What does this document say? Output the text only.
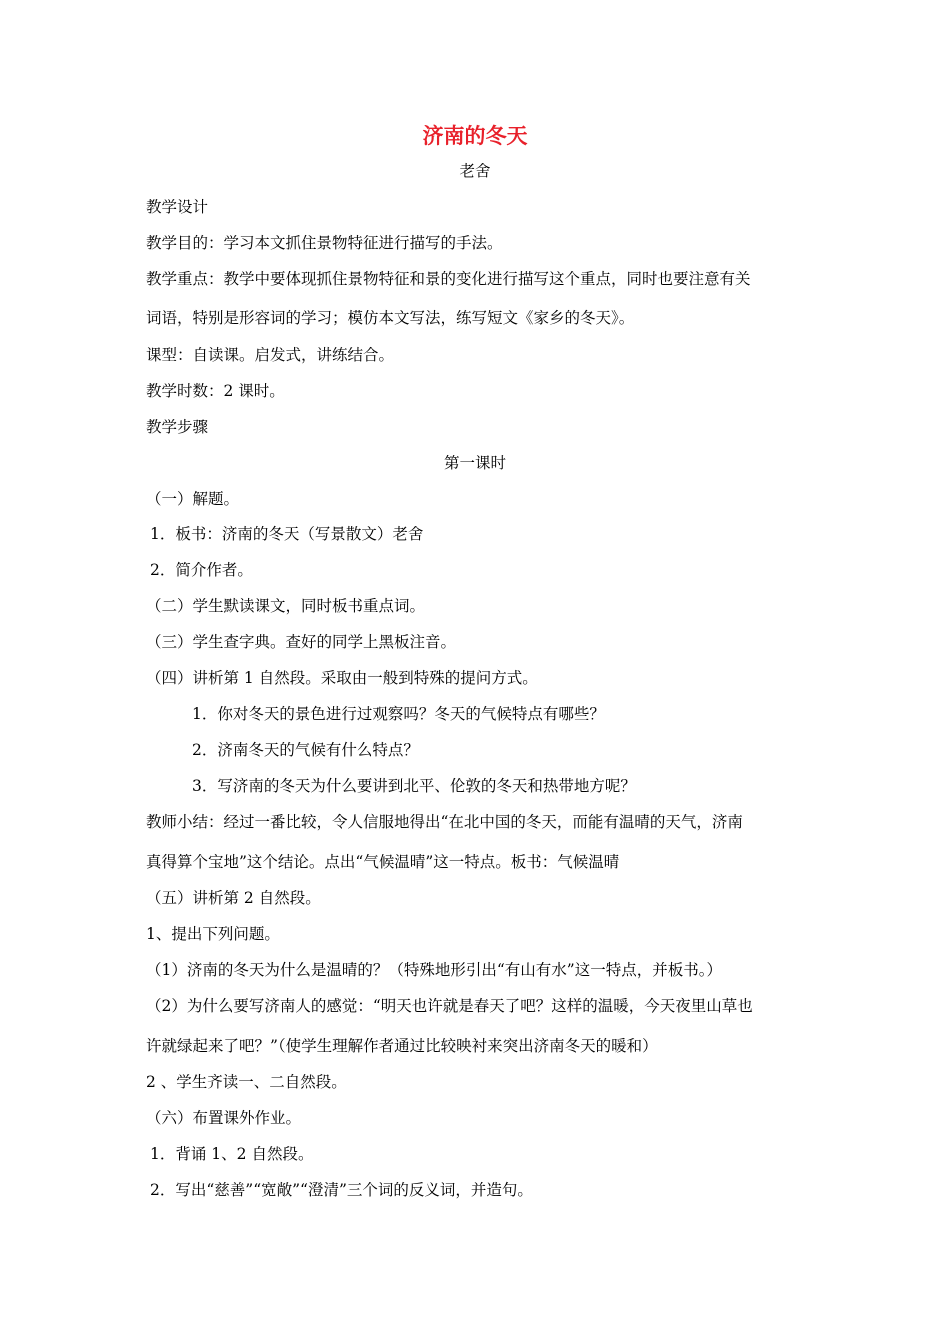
济南的冬天
老舍
教学设计
教学目的：学习本文抓住景物特征进行描写的手法。
教学重点：教学中要体现抓住景物特征和景的变化进行描写这个重点，同时也要注意有关
词语，特别是形容词的学习；模仿本文写法，练写短文《家乡的冬天》。
课型：自读课。启发式，讲练结合。
教学时数：2 课时。
教学步骤
第一课时
（一）解题。
1．板书：济南的冬天（写景散文）老舍
2．简介作者。
（二）学生默读课文，同时板书重点词。
（三）学生查字典。查好的同学上黑板注音。
（四）讲析第 1 自然段。采取由一般到特殊的提问方式。
1．你对冬天的景色进行过观察吗？冬天的气候特点有哪些？
2．济南冬天的气候有什么特点？
3．写济南的冬天为什么要讲到北平、伦敦的冬天和热带地方呢？
教师小结：经过一番比较，令人信服地得出“在北中国的冬天，而能有温晴的天气，济南
真得算个宝地”这个结论。点出“气候温晴”这一特点。板书：气候温晴
（五）讲析第 2 自然段。
1、提出下列问题。
（1）济南的冬天为什么是温晴的？（特殊地形引出“有山有水”这一特点，并板书。）
（2）为什么要写济南人的感觉：“明天也许就是春天了吧？这样的温暖，今天夜里山草也
许就绿起来了吧？”（使学生理解作者通过比较映衬来突出济南冬天的暖和）
2 、学生齐读一、二自然段。
（六）布置课外作业。
1．背诵 1、2 自然段。
2．写出“慈善”“宽敞”“澄清”三个词的反义词，并造句。
